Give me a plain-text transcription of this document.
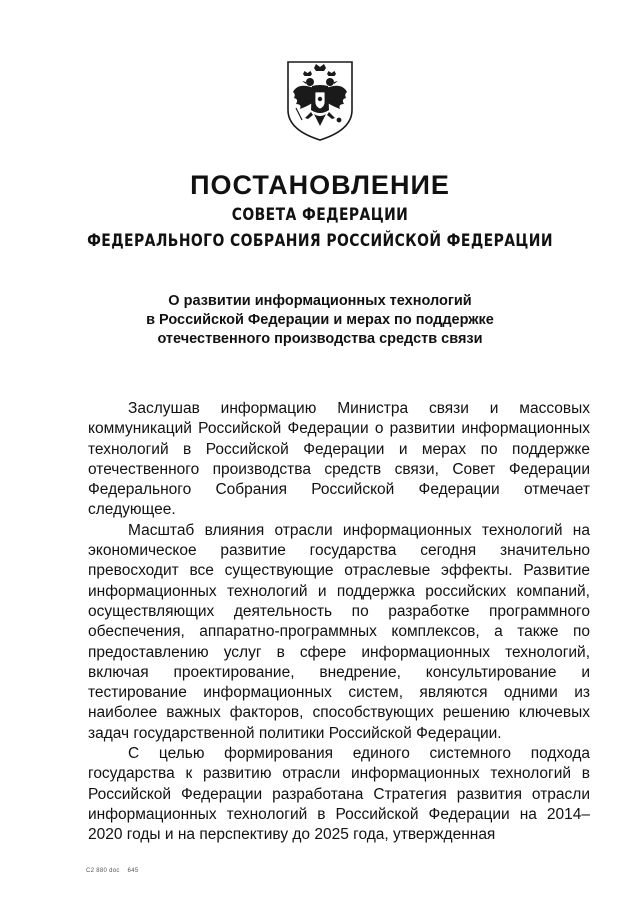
ПОСТАНОВЛЕНИЕ
СОВЕТА ФЕДЕРАЦИИ
ФЕДЕРАЛЬНОГО СОБРАНИЯ РОССИЙСКОЙ ФЕДЕРАЦИИ
О развитии информационных технологий
в Российской Федерации и мерах по поддержке
отечественного производства средств связи

Заслушав информацию Министра связи и массовых коммуникаций Российской Федерации о развитии информационных технологий в Российской Федерации и мерах по поддержке отечественного производства средств связи, Совет Федерации Федерального Собрания Российской Федерации отмечает следующее.

Масштаб влияния отрасли информационных технологий на экономическое развитие государства сегодня значительно превосходит все существующие отраслевые эффекты. Развитие информационных технологий и поддержка российских компаний, осуществляющих деятельность по разработке программного обеспечения, аппаратно-программных комплексов, а также по предоставлению услуг в сфере информационных технологий, включая проектирование, внедрение, консультирование и тестирование информационных систем, являются одними из наиболее важных факторов, способствующих решению ключевых задач государственной политики Российской Федерации.

С целью формирования единого системного подхода государства к развитию отрасли информационных технологий в Российской Федерации разработана Стратегия развития отрасли информационных технологий в Российской Федерации на 2014–2020 годы и на перспективу до 2025 года, утвержденная

С2 880 doc    645
